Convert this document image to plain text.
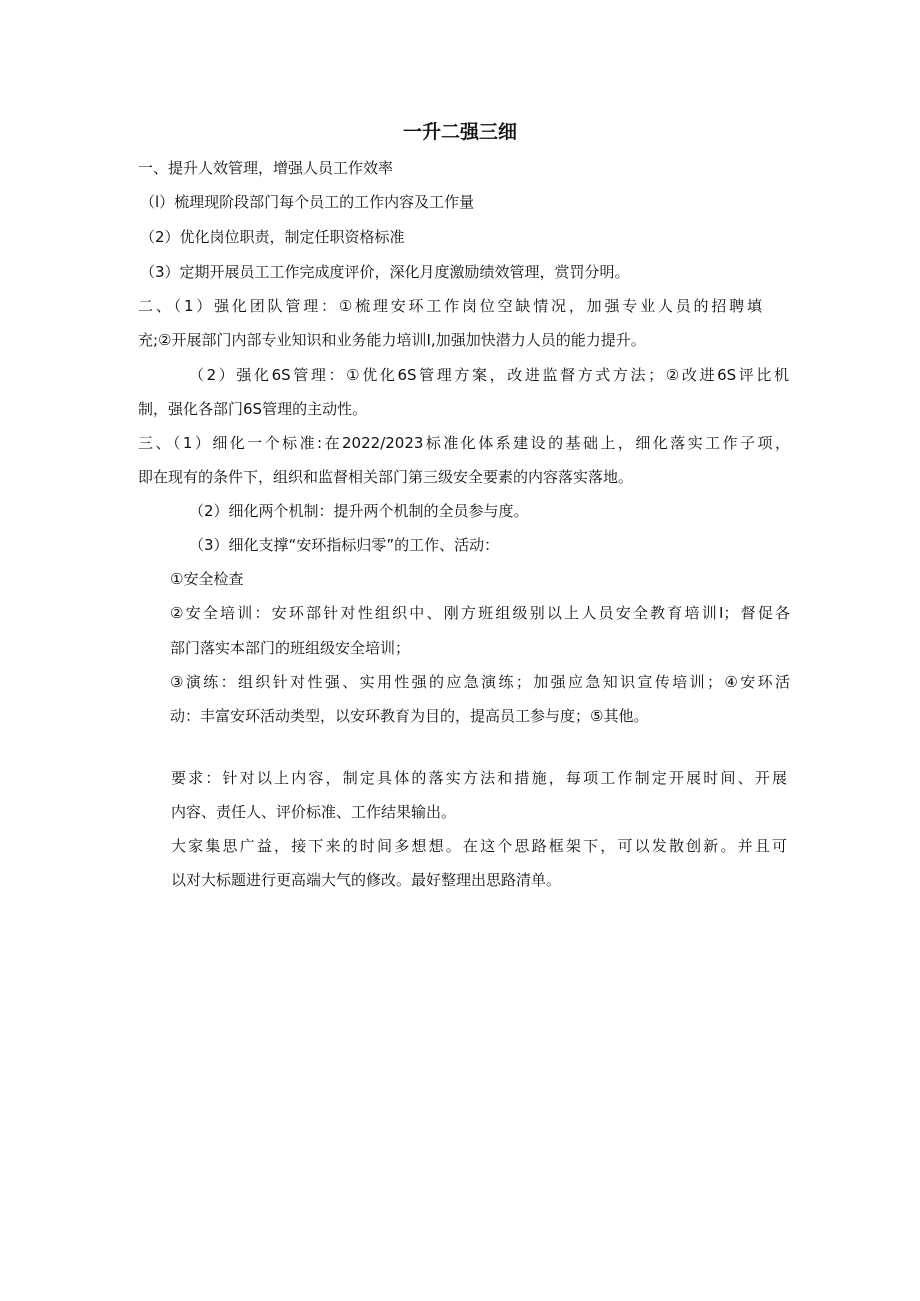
一升二强三细
一、提升人效管理，增强人员工作效率
（l）梳理现阶段部门每个员工的工作内容及工作量
（2）优化岗位职责，制定任职资格标准
（3）定期开展员工工作完成度评价，深化月度激励绩效管理，赏罚分明。
二、（1）强化团队管理：①梳理安环工作岗位空缺情况，加强专业人员的招聘填
充;②开展部门内部专业知识和业务能力培训I,加强加快潜力人员的能力提升。
（2）强化6S管理：①优化6S管理方案，改进监督方式方法；②改进6S评比机
制，强化各部门6S管理的主动性。
三、（1）细化一个标准:在2022/2023标准化体系建设的基础上，细化落实工作子项，
即在现有的条件下，组织和监督相关部门第三级安全要素的内容落实落地。
（2）细化两个机制：提升两个机制的全员参与度。
（3）细化支撑“安环指标归零”的工作、活动：
①安全检查
②安全培训：安环部针对性组织中、刚方班组级别以上人员安全教育培训I；督促各
部门落实本部门的班组级安全培训；
③演练：组织针对性强、实用性强的应急演练；加强应急知识宣传培训；④安环活
动：丰富安环活动类型，以安环教育为目的，提高员工参与度；⑤其他。
要求：针对以上内容，制定具体的落实方法和措施，每项工作制定开展时间、开展
内容、责任人、评价标准、工作结果输出。
大家集思广益，接下来的时间多想想。在这个思路框架下，可以发散创新。并且可
以对大标题进行更高端大气的修改。最好整理出思路清单。
